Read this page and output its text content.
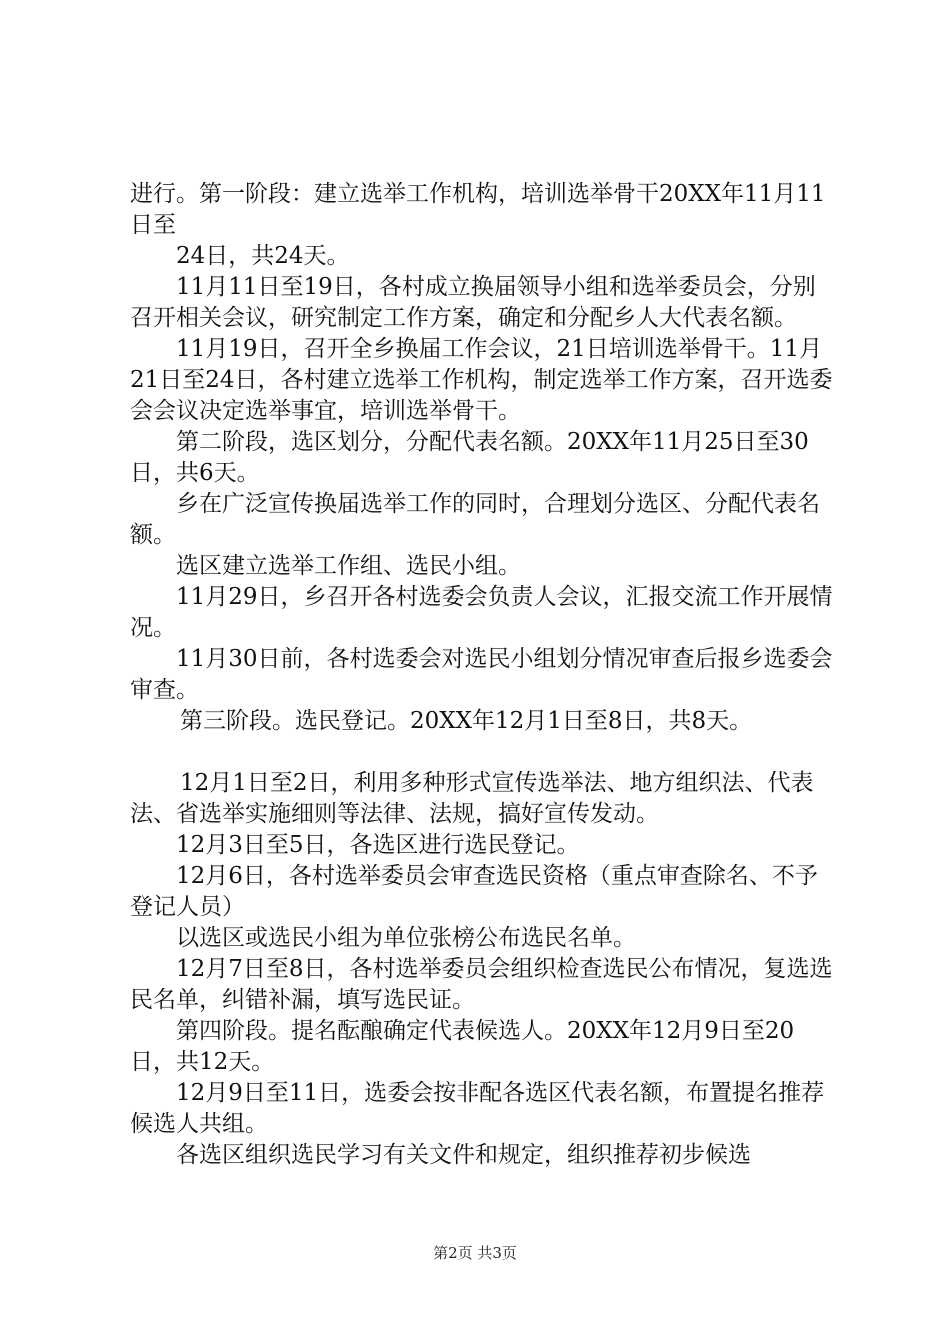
进行。第一阶段：建立选举工作机构，培训选举骨干20XX年11月11日至

24日，共24天。

11月11日至19日，各村成立换届领导小组和选举委员会，分别召开相关会议，研究制定工作方案，确定和分配乡人大代表名额。

11月19日，召开全乡换届工作会议，21日培训选举骨干。11月21日至24日，各村建立选举工作机构，制定选举工作方案，召开选委会会议决定选举事宜，培训选举骨干。

第二阶段，选区划分，分配代表名额。20XX年11月25日至30日，共6天。

乡在广泛宣传换届选举工作的同时，合理划分选区、分配代表名额。

选区建立选举工作组、选民小组。

11月29日，乡召开各村选委会负责人会议，汇报交流工作开展情况。

11月30日前，各村选委会对选民小组划分情况审查后报乡选委会审查。

第三阶段。选民登记。20XX年12月1日至8日，共8天。

12月1日至2日，利用多种形式宣传选举法、地方组织法、代表法、省选举实施细则等法律、法规，搞好宣传发动。

12月3日至5日，各选区进行选民登记。

12月6日，各村选举委员会审查选民资格（重点审查除名、不予登记人员）

以选区或选民小组为单位张榜公布选民名单。

12月7日至8日，各村选举委员会组织检查选民公布情况，复选选民名单，纠错补漏，填写选民证。

第四阶段。提名酝酿确定代表候选人。20XX年12月9日至20日，共12天。

12月9日至11日，选委会按非配各选区代表名额，布置提名推荐候选人共组。

各选区组织选民学习有关文件和规定，组织推荐初步候选

第2页 共3页
